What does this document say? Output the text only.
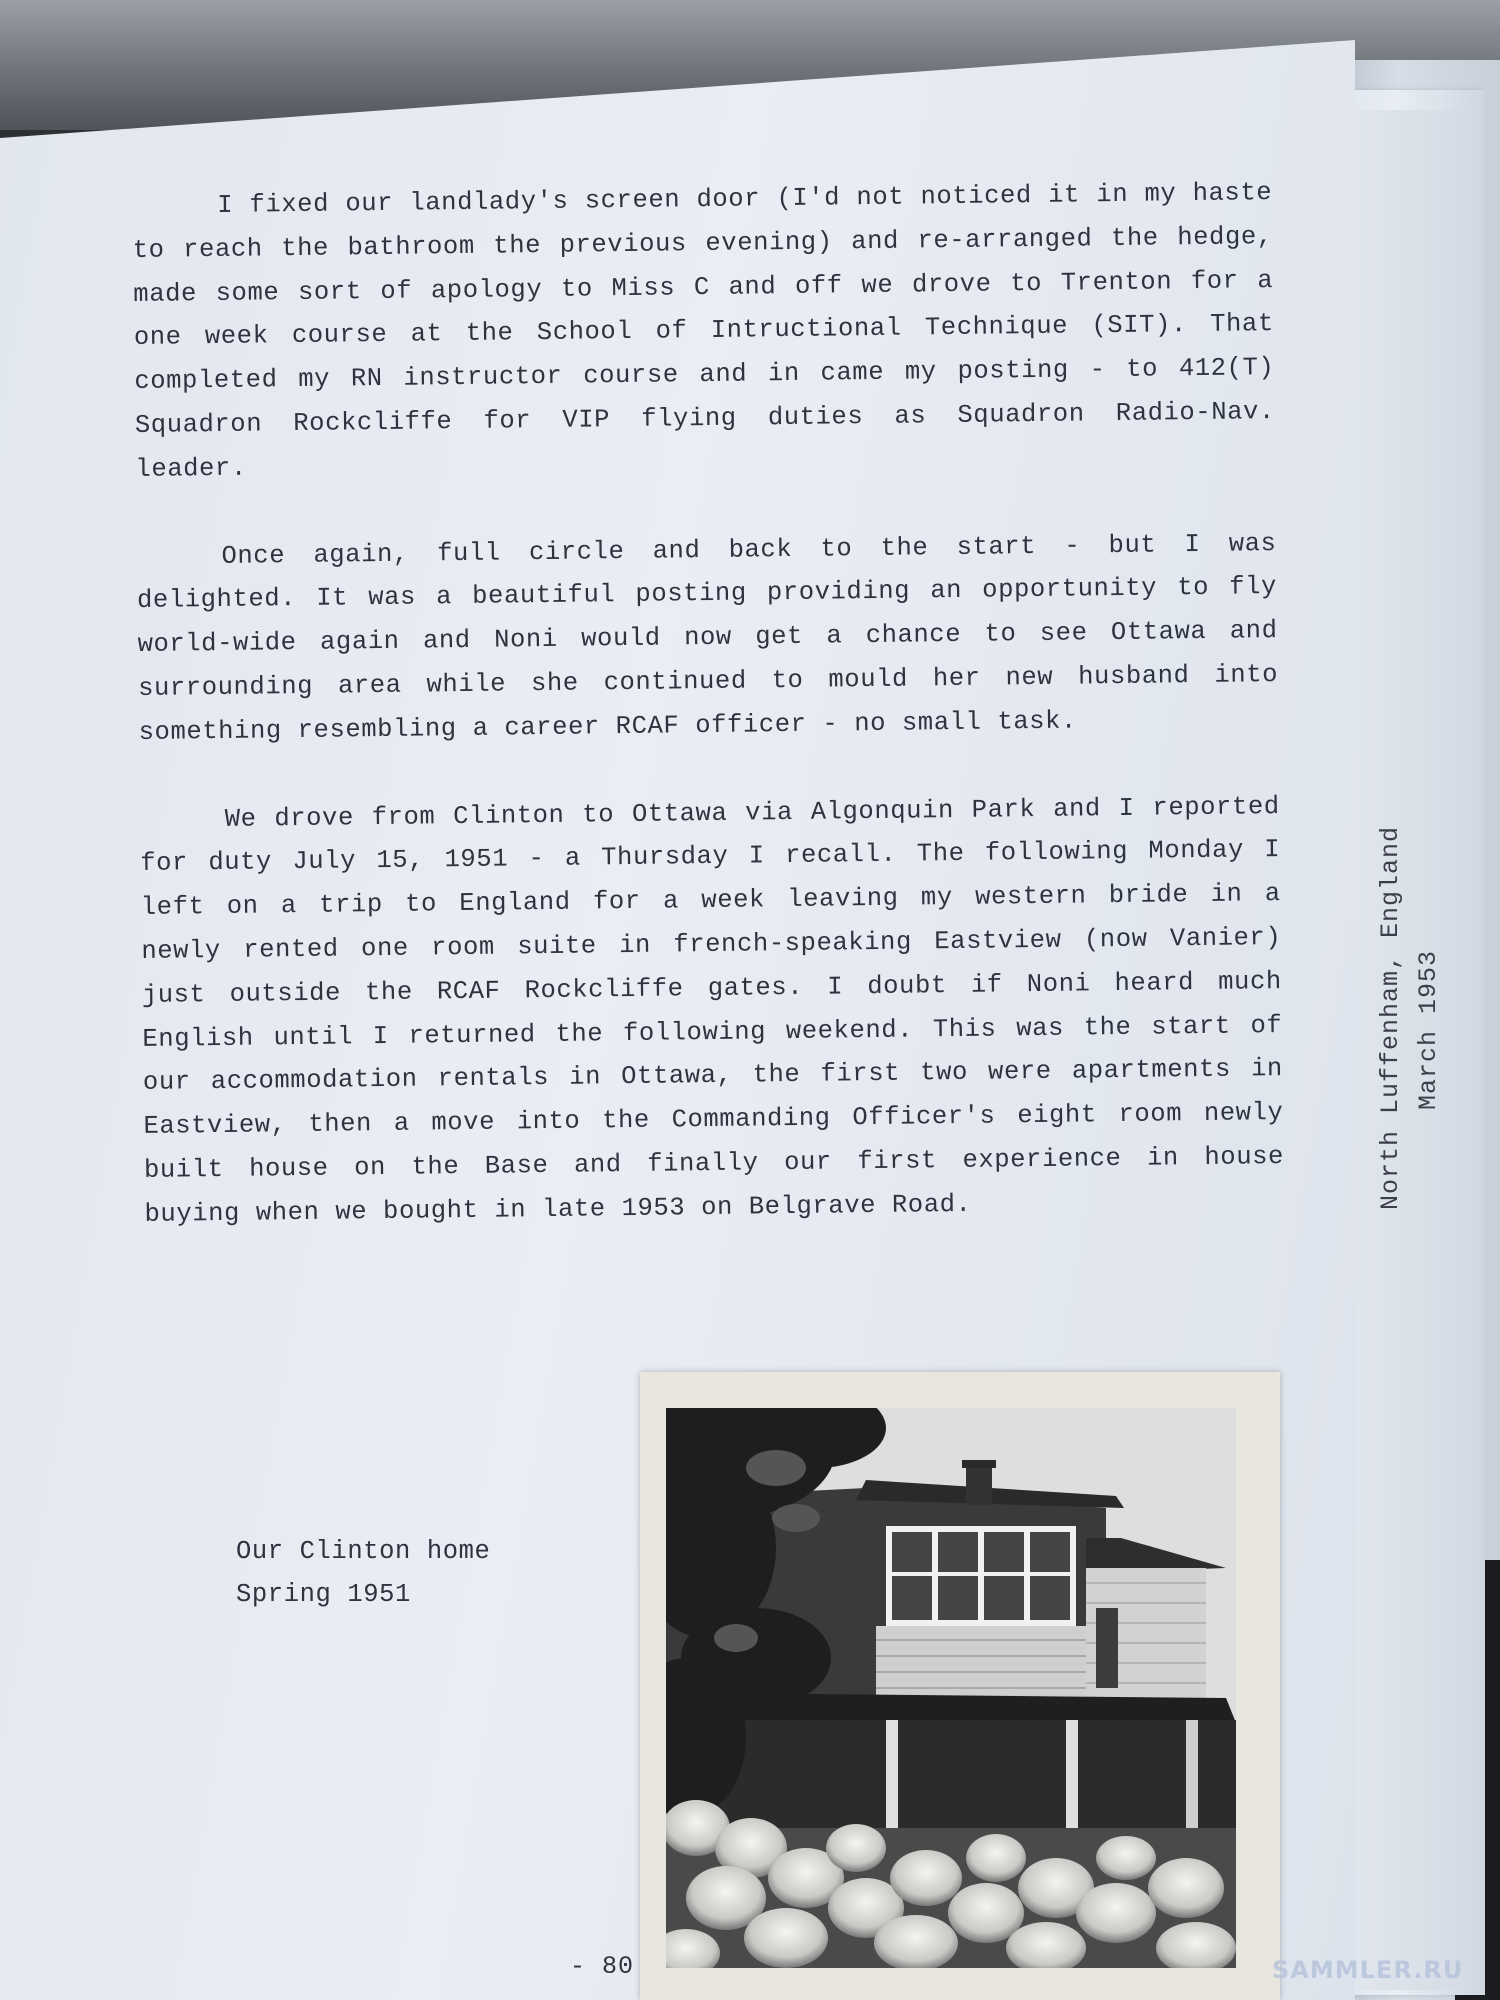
North Luffenham, England March 1953

I fixed our landlady's screen door (I'd not noticed it in my haste to reach the bathroom the previous evening) and re-arranged the hedge, made some sort of apology to Miss C and off we drove to Trenton for a one week course at the School of Intructional Technique (SIT). That completed my RN instructor course and in came my posting - to 412(T) Squadron Rockcliffe for VIP flying duties as Squadron Radio-Nav. leader.

Once again, full circle and back to the start - but I was delighted. It was a beautiful posting providing an opportunity to fly world-wide again and Noni would now get a chance to see Ottawa and surrounding area while she continued to mould her new husband into something resembling a career RCAF officer - no small task.

We drove from Clinton to Ottawa via Algonquin Park and I reported for duty July 15, 1951 - a Thursday I recall. The following Monday I left on a trip to England for a week leaving my western bride in a newly rented one room suite in french-speaking Eastview (now Vanier) just outside the RCAF Rockcliffe gates. I doubt if Noni heard much English until I returned the following weekend. This was the start of our accommodation rentals in Ottawa, the first two were apartments in Eastview, then a move into the Commanding Officer's eight room newly built house on the Base and finally our first experience in house buying when we bought in late 1953 on Belgrave Road.

Our Clinton home
Spring 1951
- 80	SAMMLER.RU
